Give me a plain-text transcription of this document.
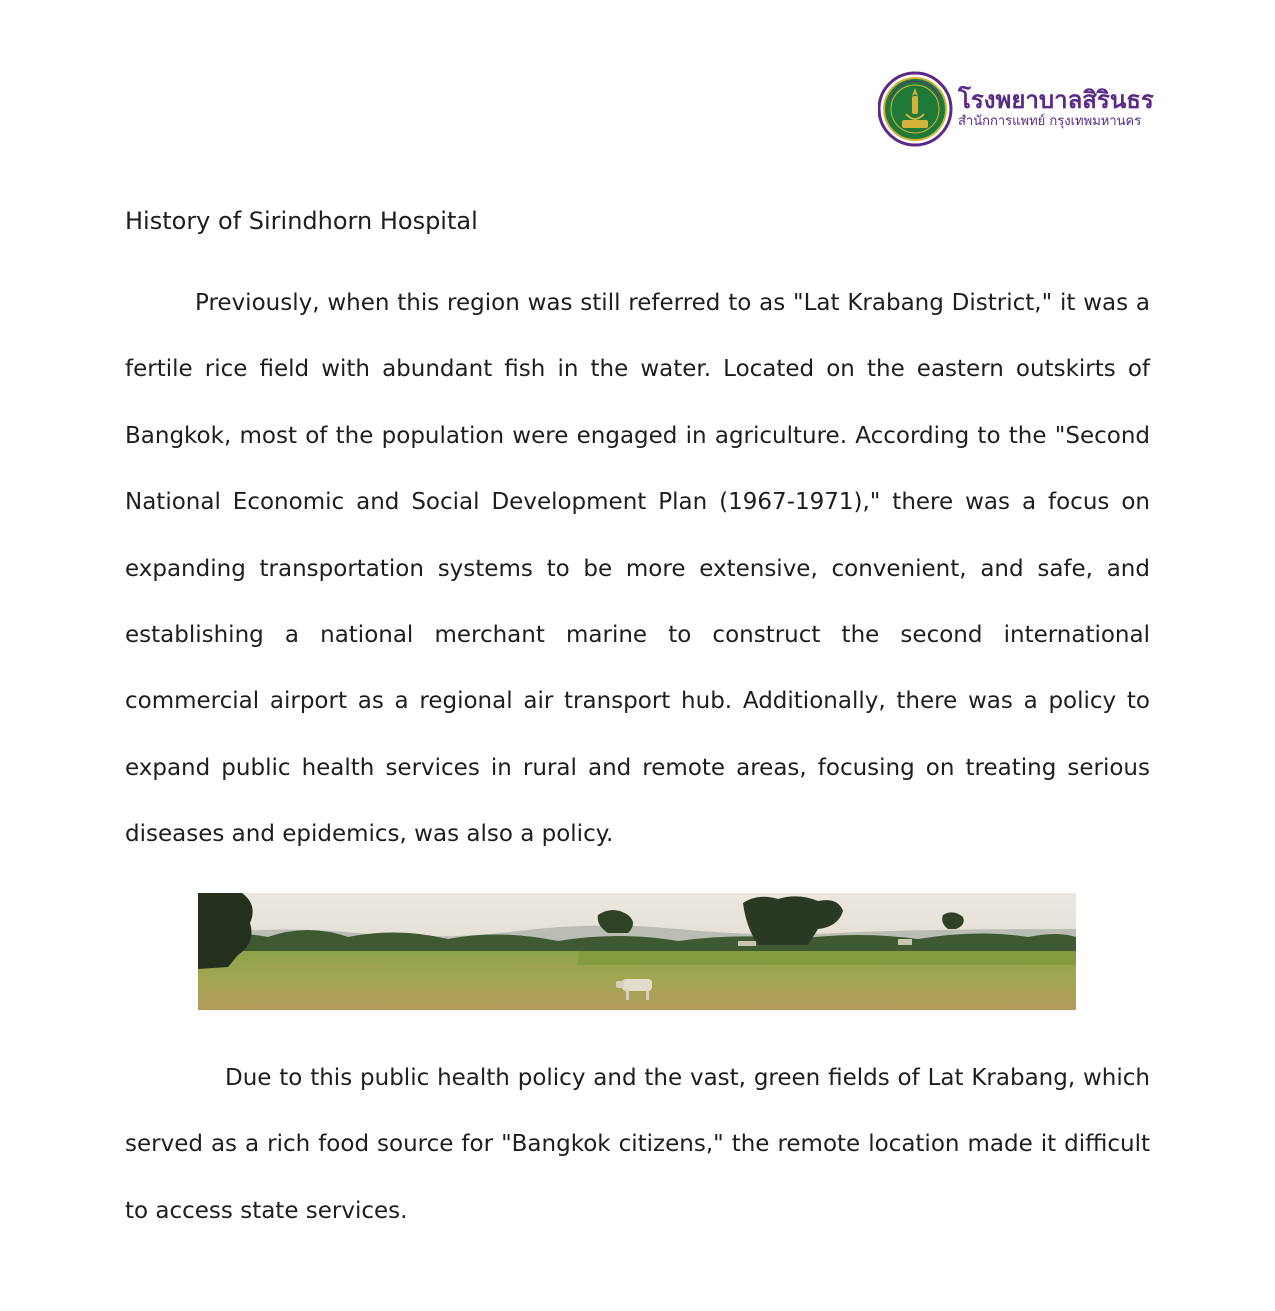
โรงพยาบาลสิรินธร
สำนักการแพทย์ กรุงเทพมหานคร
History of Sirindhorn Hospital

Previously, when this region was still referred to as "Lat Krabang District," it was a fertile rice field with abundant fish in the water. Located on the eastern outskirts of Bangkok, most of the population were engaged in agriculture. According to the "Second National Economic and Social Development Plan (1967-1971)," there was a focus on expanding transportation systems to be more extensive, convenient, and safe, and establishing a national merchant marine to construct the second international commercial airport as a regional air transport hub. Additionally, there was a policy to expand public health services in rural and remote areas, focusing on treating serious diseases and epidemics, was also a policy.

Due to this public health policy and the vast, green fields of Lat Krabang, which served as a rich food source for "Bangkok citizens," the remote location made it difficult to access state services.
